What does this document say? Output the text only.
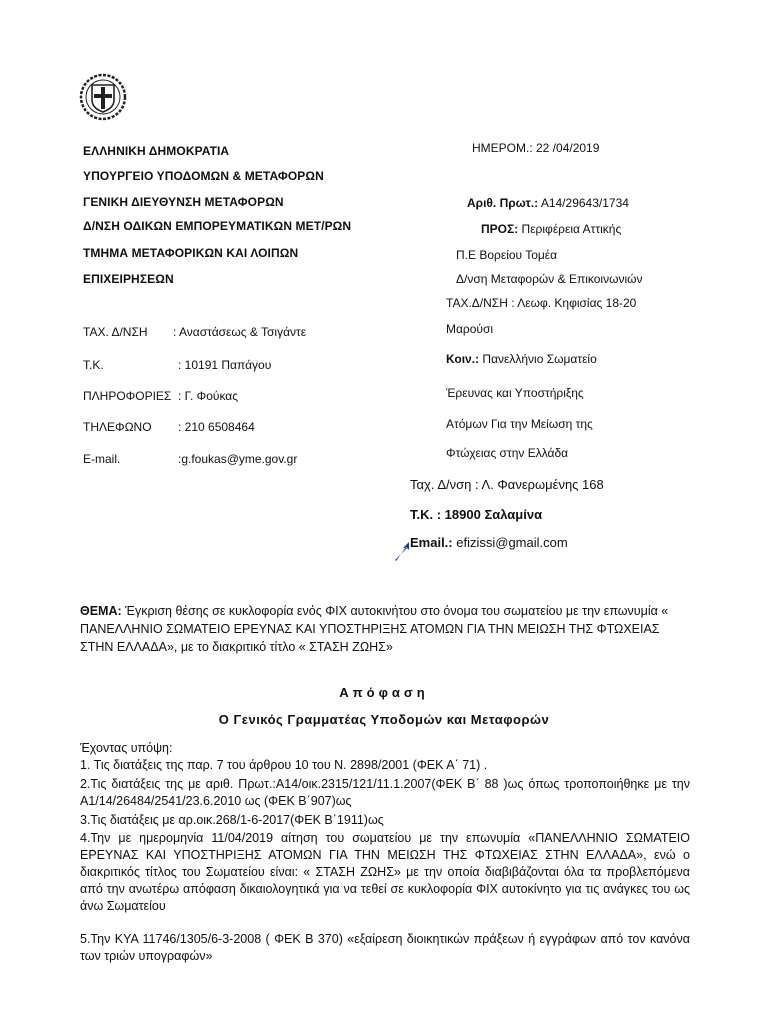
ΕΛΛΗΝΙΚΗ ΔΗΜΟΚΡΑΤΙΑ
ΥΠΟΥΡΓΕΙΟ ΥΠΟΔΟΜΩΝ & ΜΕΤΑΦΟΡΩΝ
ΓΕΝΙΚΗ ΔΙΕΥΘΥΝΣΗ ΜΕΤΑΦΟΡΩΝ
Δ/ΝΣΗ ΟΔΙΚΩΝ ΕΜΠΟΡΕΥΜΑΤΙΚΩΝ ΜΕΤ/ΡΩΝ
ΤΜΗΜΑ ΜΕΤΑΦΟΡΙΚΩΝ ΚΑΙ ΛΟΙΠΩΝ
ΕΠΙΧΕΙΡΗΣΕΩΝ
ΤΑΧ. Δ/ΝΣΗ : Αναστάσεως & Τσιγάντε
Τ.Κ.	: 10191 Παπάγου
ΠΛΗΡΟΦΟΡΙΕΣ : Γ. Φούκας
ΤΗΛΕΦΩΝΟ : 210 6508464
E-mail.	:g.foukas@yme.gov.gr
ΗΜΕΡΟΜ.: 22 /04/2019
Αριθ. Πρωτ.: Α14/29643/1734
ΠΡΟΣ: Περιφέρεια Αττικής
Π.Ε Βορείου Τομέα
Δ/νση Μεταφορών & Επικοινωνιών
ΤΑΧ.Δ/ΝΣΗ : Λεωφ. Κηφισίας 18-20
Μαρούσι
Κοιν.: Πανελλήνιο Σωματείο
Έρευνας και Υποστήριξης
Ατόμων Για την Μείωση της
Φτώχειας στην Ελλάδα
Ταχ. Δ/νση : Λ. Φανερωμένης 168
Τ.Κ. : 18900 Σαλαμίνα
Email.: efizissi@gmail.com
ΘΕΜΑ: Έγκριση θέσης σε κυκλοφορία ενός ΦΙΧ αυτοκινήτου στο όνομα του σωματείου με την επωνυμία « ΠΑΝΕΛΛΗΝΙΟ ΣΩΜΑΤΕΙΟ ΕΡΕΥΝΑΣ ΚΑΙ ΥΠΟΣΤΗΡΙΞΗΣ ΑΤΟΜΩΝ ΓΙΑ ΤΗΝ ΜΕΙΩΣΗ ΤΗΣ ΦΤΩΧΕΙΑΣ ΣΤΗΝ ΕΛΛΑΔΑ», με το διακριτικό τίτλο « ΣΤΑΣΗ ΖΩΗΣ»
Απόφαση
Ο Γενικός Γραμματέας Υποδομών και Μεταφορών
Έχοντας υπόψη:
1. Τις διατάξεις της παρ. 7 του άρθρου 10 του Ν. 2898/2001 (ΦΕΚ Α΄ 71) .
2.Τις διατάξεις της με αριθ. Πρωτ.:Α14/οικ.2315/121/11.1.2007(ΦΕΚ Β΄ 88 )ως όπως τροποποιήθηκε με την Α1/14/26484/2541/23.6.2010 ως (ΦΕΚ Β΄907)ως
3.Τις διατάξεις με αρ.οικ.268/1-6-2017(ΦΕΚ Β΄1911)ως
4.Την με ημερομηνία 11/04/2019 αίτηση του σωματείου με την επωνυμία «ΠΑΝΕΛΛΗΝΙΟ ΣΩΜΑΤΕΙΟ ΕΡΕΥΝΑΣ ΚΑΙ ΥΠΟΣΤΗΡΙΞΗΣ ΑΤΟΜΩΝ ΓΙΑ ΤΗΝ ΜΕΙΩΣΗ ΤΗΣ ΦΤΩΧΕΙΑΣ ΣΤΗΝ ΕΛΛΑΔΑ», ενώ ο διακριτικός τίτλος του Σωματείου είναι: « ΣΤΑΣΗ ΖΩΗΣ» με την οποία διαβιβάζονται όλα τα προβλεπόμενα από την ανωτέρω απόφαση δικαιολογητικά για να τεθεί σε κυκλοφορία ΦΙΧ αυτοκίνητο για τις ανάγκες του ως άνω Σωματείου
5.Την ΚΥΑ 11746/1305/6-3-2008 ( ΦΕΚ Β 370) «εξαίρεση διοικητικών πράξεων ή εγγράφων από τον κανόνα των τριών υπογραφών»
